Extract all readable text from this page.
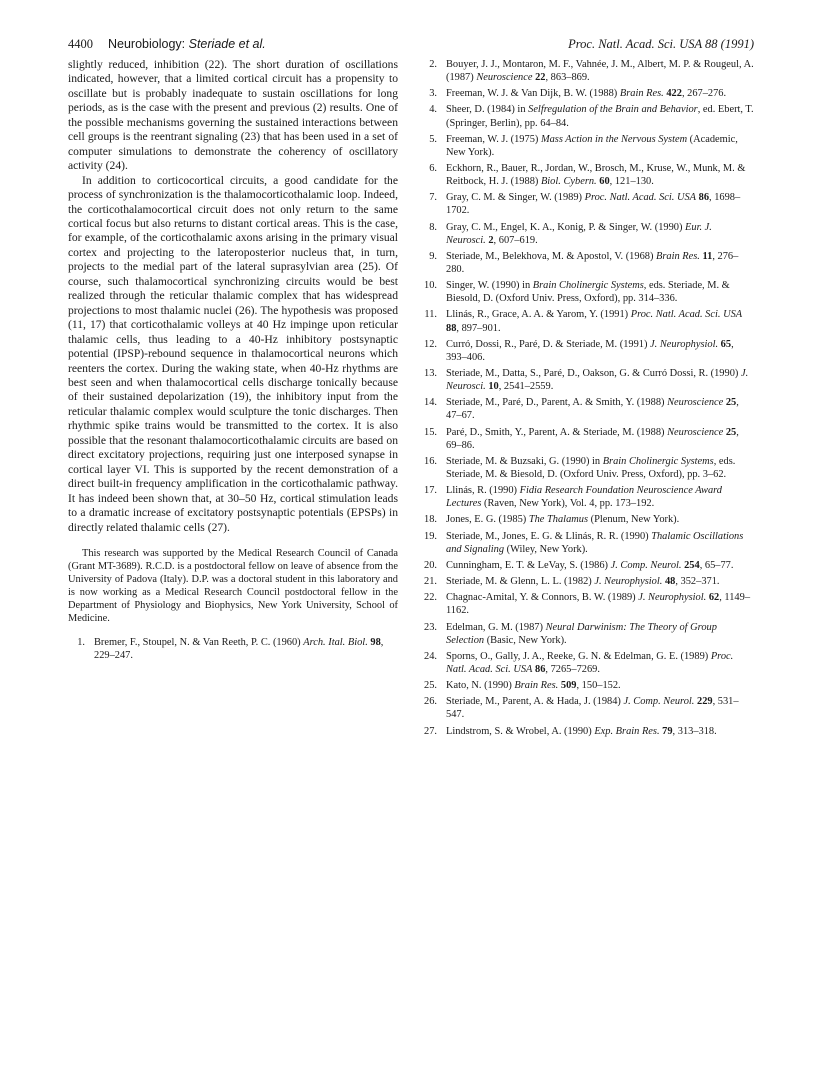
4400 Neurobiology: Steriade et al.	Proc. Natl. Acad. Sci. USA 88 (1991)

slightly reduced, inhibition (22). The short duration of oscillations indicated, however, that a limited cortical circuit has a propensity to oscillate but is probably inadequate to sustain oscillations for long periods, as is the case with the present and previous (2) results. One of the possible mechanisms governing the sustained interactions between cell groups is the reentrant signaling (23) that has been used in a set of computer simulations to demonstrate the coherency of oscillatory activity (24).

In addition to corticocortical circuits, a good candidate for the process of synchronization is the thalamocorticothalamic loop. Indeed, the corticothalamocortical circuit does not only return to the same cortical focus but also returns to distant cortical areas. This is the case, for example, of the corticothalamic axons arising in the primary visual cortex and projecting to the lateroposterior nucleus that, in turn, projects to the medial part of the lateral suprasylvian area (25). Of course, such thalamocortical synchronizing circuits would be best realized through the reticular thalamic complex that has widespread projections to most thalamic nuclei (26). The hypothesis was proposed (11, 17) that corticothalamic volleys at 40 Hz impinge upon reticular thalamic cells, thus leading to a 40-Hz inhibitory postsynaptic potential (IPSP)-rebound sequence in thalamocortical neurons which reenters the cortex. During the waking state, when 40-Hz rhythms are best seen and when thalamocortical cells discharge tonically because of their sustained depolarization (19), the inhibitory input from the reticular thalamic complex would sculpture the tonic discharges. Then rhythmic spike trains would be transmitted to the cortex. It is also possible that the resonant thalamocorticothalamic circuits are based on direct excitatory projections, requiring just one interposed synapse in cortical layer VI. This is supported by the recent demonstration of a direct built-in frequency amplification in the corticothalamic pathway. It has indeed been shown that, at 30–50 Hz, cortical stimulation leads to a dramatic increase of excitatory postsynaptic potentials (EPSPs) in directly related thalamic cells (27).

This research was supported by the Medical Research Council of Canada (Grant MT-3689). R.C.D. is a postdoctoral fellow on leave of absence from the University of Padova (Italy). D.P. was a doctoral student in this laboratory and is now working as a Medical Research Council postdoctoral fellow in the Department of Physiology and Biophysics, New York University, School of Medicine.

1. Bremer, F., Stoupel, N. & Van Reeth, P. C. (1960) Arch. Ital. Biol. 98, 229–247.
2. Bouyer, J. J., Montaron, M. F., Vahnée, J. M., Albert, M. P. & Rougeul, A. (1987) Neuroscience 22, 863–869.
3. Freeman, W. J. & Van Dijk, B. W. (1988) Brain Res. 422, 267–276.
4. Sheer, D. (1984) in Selfregulation of the Brain and Behavior, ed. Ebert, T. (Springer, Berlin), pp. 64–84.
5. Freeman, W. J. (1975) Mass Action in the Nervous System (Academic, New York).
6. Eckhorn, R., Bauer, R., Jordan, W., Brosch, M., Kruse, W., Munk, M. & Reitbock, H. J. (1988) Biol. Cybern. 60, 121–130.
7. Gray, C. M. & Singer, W. (1989) Proc. Natl. Acad. Sci. USA 86, 1698–1702.
8. Gray, C. M., Engel, K. A., Konig, P. & Singer, W. (1990) Eur. J. Neurosci. 2, 607–619.
9. Steriade, M., Belekhova, M. & Apostol, V. (1968) Brain Res. 11, 276–280.
10. Singer, W. (1990) in Brain Cholinergic Systems, eds. Steriade, M. & Biesold, D. (Oxford Univ. Press, Oxford), pp. 314–336.
11. Llinás, R., Grace, A. A. & Yarom, Y. (1991) Proc. Natl. Acad. Sci. USA 88, 897–901.
12. Curró, Dossi, R., Paré, D. & Steriade, M. (1991) J. Neurophysiol. 65, 393–406.
13. Steriade, M., Datta, S., Paré, D., Oakson, G. & Curró Dossi, R. (1990) J. Neurosci. 10, 2541–2559.
14. Steriade, M., Paré, D., Parent, A. & Smith, Y. (1988) Neuroscience 25, 47–67.
15. Paré, D., Smith, Y., Parent, A. & Steriade, M. (1988) Neuroscience 25, 69–86.
16. Steriade, M. & Buzsaki, G. (1990) in Brain Cholinergic Systems, eds. Steriade, M. & Biesold, D. (Oxford Univ. Press, Oxford), pp. 3–62.
17. Llinás, R. (1990) Fidia Research Foundation Neuroscience Award Lectures (Raven, New York), Vol. 4, pp. 173–192.
18. Jones, E. G. (1985) The Thalamus (Plenum, New York).
19. Steriade, M., Jones, E. G. & Llinás, R. R. (1990) Thalamic Oscillations and Signaling (Wiley, New York).
20. Cunningham, E. T. & LeVay, S. (1986) J. Comp. Neurol. 254, 65–77.
21. Steriade, M. & Glenn, L. L. (1982) J. Neurophysiol. 48, 352–371.
22. Chagnac-Amital, Y. & Connors, B. W. (1989) J. Neurophysiol. 62, 1149–1162.
23. Edelman, G. M. (1987) Neural Darwinism: The Theory of Group Selection (Basic, New York).
24. Sporns, O., Gally, J. A., Reeke, G. N. & Edelman, G. E. (1989) Proc. Natl. Acad. Sci. USA 86, 7265–7269.
25. Kato, N. (1990) Brain Res. 509, 150–152.
26. Steriade, M., Parent, A. & Hada, J. (1984) J. Comp. Neurol. 229, 531–547.
27. Lindstrom, S. & Wrobel, A. (1990) Exp. Brain Res. 79, 313–318.
